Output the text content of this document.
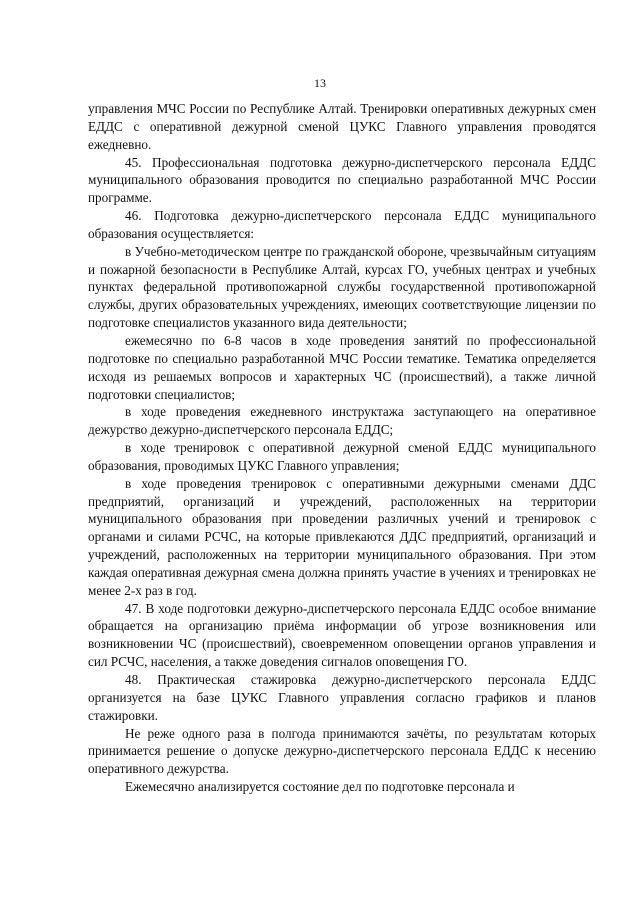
13

управления МЧС России по Республике Алтай. Тренировки оперативных дежурных смен ЕДДС с оперативной дежурной сменой ЦУКС Главного управления проводятся ежедневно.

45. Профессиональная подготовка дежурно-диспетчерского персонала ЕДДС муниципального образования проводится по специально разработанной МЧС России программе.

46. Подготовка дежурно-диспетчерского персонала ЕДДС муниципального образования осуществляется:

в Учебно-методическом центре по гражданской обороне, чрезвычайным ситуациям и пожарной безопасности в Республике Алтай, курсах ГО, учебных центрах и учебных пунктах федеральной противопожарной службы государственной противопожарной службы, других образовательных учреждениях, имеющих соответствующие лицензии по подготовке специалистов указанного вида деятельности;

ежемесячно по 6-8 часов в ходе проведения занятий по профессиональной подготовке по специально разработанной МЧС России тематике. Тематика определяется исходя из решаемых вопросов и характерных ЧС (происшествий), а также личной подготовки специалистов;

в ходе проведения ежедневного инструктажа заступающего на оперативное дежурство дежурно-диспетчерского персонала ЕДДС;

в ходе тренировок с оперативной дежурной сменой ЕДДС муниципального образования, проводимых ЦУКС Главного управления;

в ходе проведения тренировок с оперативными дежурными сменами ДДС предприятий, организаций и учреждений, расположенных на территории муниципального образования при проведении различных учений и тренировок с органами и силами РСЧС, на которые привлекаются ДДС предприятий, организаций и учреждений, расположенных на территории муниципального образования. При этом каждая оперативная дежурная смена должна принять участие в учениях и тренировках не менее 2-х раз в год.

47. В ходе подготовки дежурно-диспетчерского персонала ЕДДС особое внимание обращается на организацию приёма информации об угрозе возникновения или возникновении ЧС (происшествий), своевременном оповещении органов управления и сил РСЧС, населения, а также доведения сигналов оповещения ГО.

48. Практическая стажировка дежурно-диспетчерского персонала ЕДДС организуется на базе ЦУКС Главного управления согласно графиков и планов стажировки.

Не реже одного раза в полгода принимаются зачёты, по результатам которых принимается решение о допуске дежурно-диспетчерского персонала ЕДДС к несению оперативного дежурства.

Ежемесячно анализируется состояние дел по подготовке персонала и
